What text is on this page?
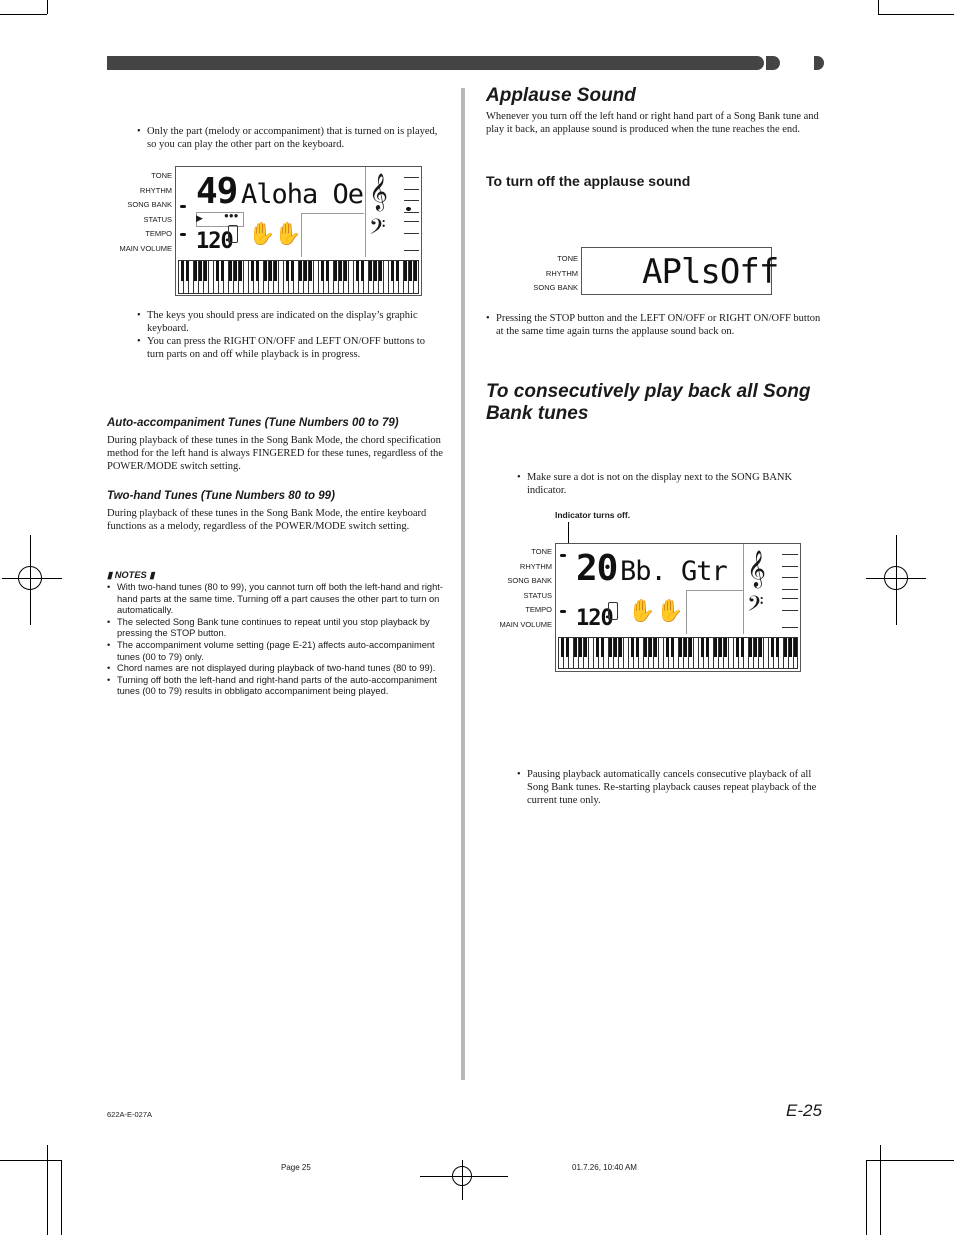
• Only the part (melody or accompaniment) that is turned on is played, so you can play the other part on the keyboard.
TONE
RHYTHM
SONG BANK
STATUS
TEMPO
MAIN VOLUME
49 Aloha Oe
▶	●●●
120 ✋
✋
𝄞
𝄢
• The keys you should press are indicated on the display’s graphic keyboard.
• You can press the RIGHT ON/OFF and LEFT ON/OFF buttons to turn parts on and off while playback is in progress.
Auto-accompaniment Tunes (Tune Numbers 00 to 79)
During playback of these tunes in the Song Bank Mode, the chord specification method for the left hand is always FINGERED for these tunes, regardless of the POWER/MODE switch setting.
Two-hand Tunes (Tune Numbers 80 to 99)
During playback of these tunes in the Song Bank Mode, the entire keyboard functions as a melody, regardless of the POWER/MODE switch setting.
▮ NOTES ▮
• With two-hand tunes (80 to 99), you cannot turn off both the left-hand and right-hand parts at the same time. Turning off a part causes the other part to turn on automatically.
• The selected Song Bank tune continues to repeat until you stop playback by pressing the STOP button.
• The accompaniment volume setting (page E-21) affects auto-accompaniment tunes (00 to 79) only.
• Chord names are not displayed during playback of two-hand tunes (80 to 99).
• Turning off both the left-hand and right-hand parts of the auto-accompaniment tunes (00 to 79) results in obbligato accompaniment being played.
Applause Sound
Whenever you turn off the left hand or right hand part of a Song Bank tune and play it back, an applause sound is produced when the tune reaches the end.
To turn off the applause sound
TONE
RHYTHM
SONG BANK APlsOff
• Pressing the STOP button and the LEFT ON/OFF or RIGHT ON/OFF button at the same time again turns the applause sound back on.
To consecutively play back all Song Bank tunes
• Make sure a dot is not on the display next to the SONG BANK indicator.
Indicator turns off.
TONE
RHYTHM
SONG BANK
STATUS
TEMPO
MAIN VOLUME
20 Bb. Gtr
120 ✋ ✋
𝄞
𝄢
• Pausing playback automatically cancels consecutive playback of all Song Bank tunes. Re-starting playback causes repeat playback of the current tune only.
622A-E-027A	E-25
Page 25	01.7.26, 10:40 AM
